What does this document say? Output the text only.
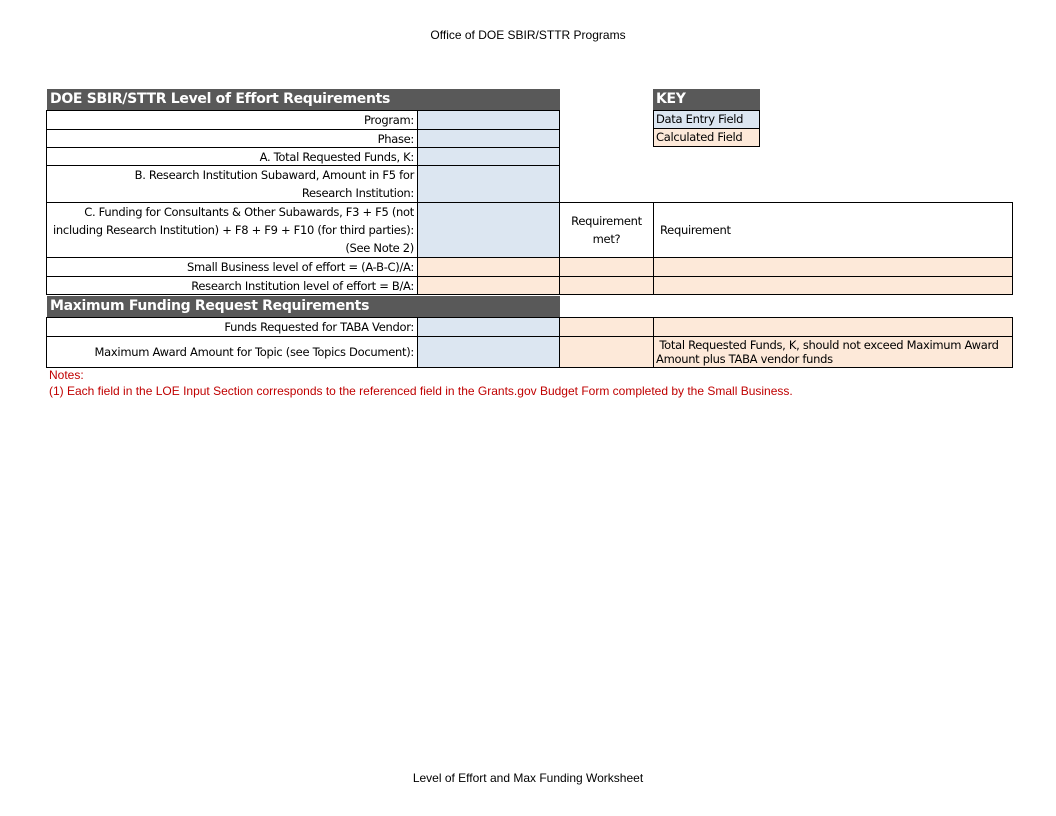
Office of DOE SBIR/STTR Programs
DOE SBIR/STTR Level of Effort Requirements	KEY
Data Entry Field
Calculated Field
Program:
Phase:
A. Total Requested Funds, K:
B. Research Institution Subaward, Amount in F5 for Research Institution:
C. Funding for Consultants & Other Subawards, F3 + F5 (not including Research Institution) + F8 + F9 + F10 (for third parties): (See Note 2)
Requirement met?
Requirement
Small Business level of effort = (A-B-C)/A:
Research Institution level of effort = B/A:
Maximum Funding Request Requirements
Funds Requested for TABA Vendor:
Maximum Award Amount for Topic (see Topics Document):	Total Requested Funds, K, should not exceed Maximum Award Amount plus TABA vendor funds
Notes:
(1) Each field in the LOE Input Section corresponds to the referenced field in the Grants.gov Budget Form completed by the Small Business.
Level of Effort and Max Funding Worksheet
